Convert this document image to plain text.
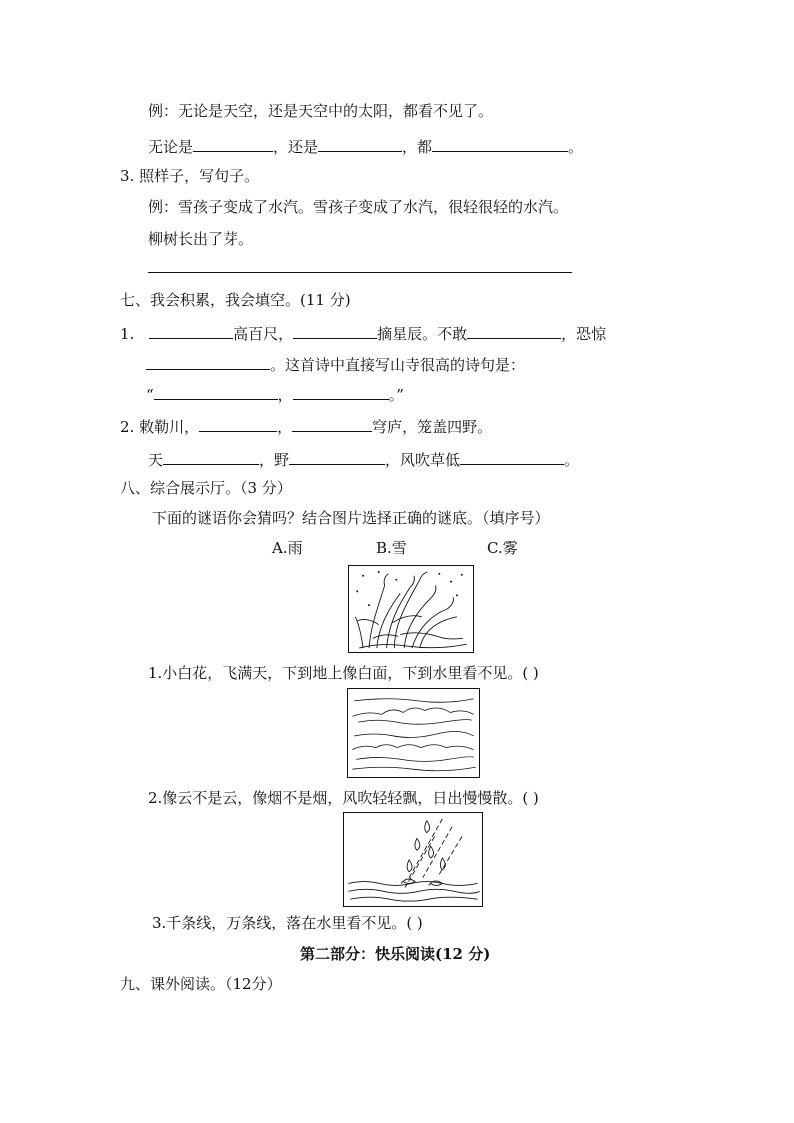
例：无论是天空，还是天空中的太阳，都看不见了。
无论是	，还是	，都	。
3. 照样子，写句子。
例：雪孩子变成了水汽。雪孩子变成了水汽，很轻很轻的水汽。
柳树长出了芽。
七、我会积累，我会填空。(11 分)
1.	高百尺，	摘星辰。不敢	，恐惊
。这首诗中直接写山寺很高的诗句是：
“	，	。”
2. 敕勒川，	，	穹庐，笼盖四野。
天	，野	，风吹草低	。
八、综合展示厅。（3 分）
下面的谜语你会猜吗？结合图片选择正确的谜底。（填序号）
A.雨	B.雪	C.雾
1.小白花，飞满天，下到地上像白面，下到水里看不见。( )
2.像云不是云，像烟不是烟，风吹轻轻飘，日出慢慢散。( )
3.千条线，万条线，落在水里看不见。( )
第二部分：快乐阅读(12 分)
九、课外阅读。（12分）
